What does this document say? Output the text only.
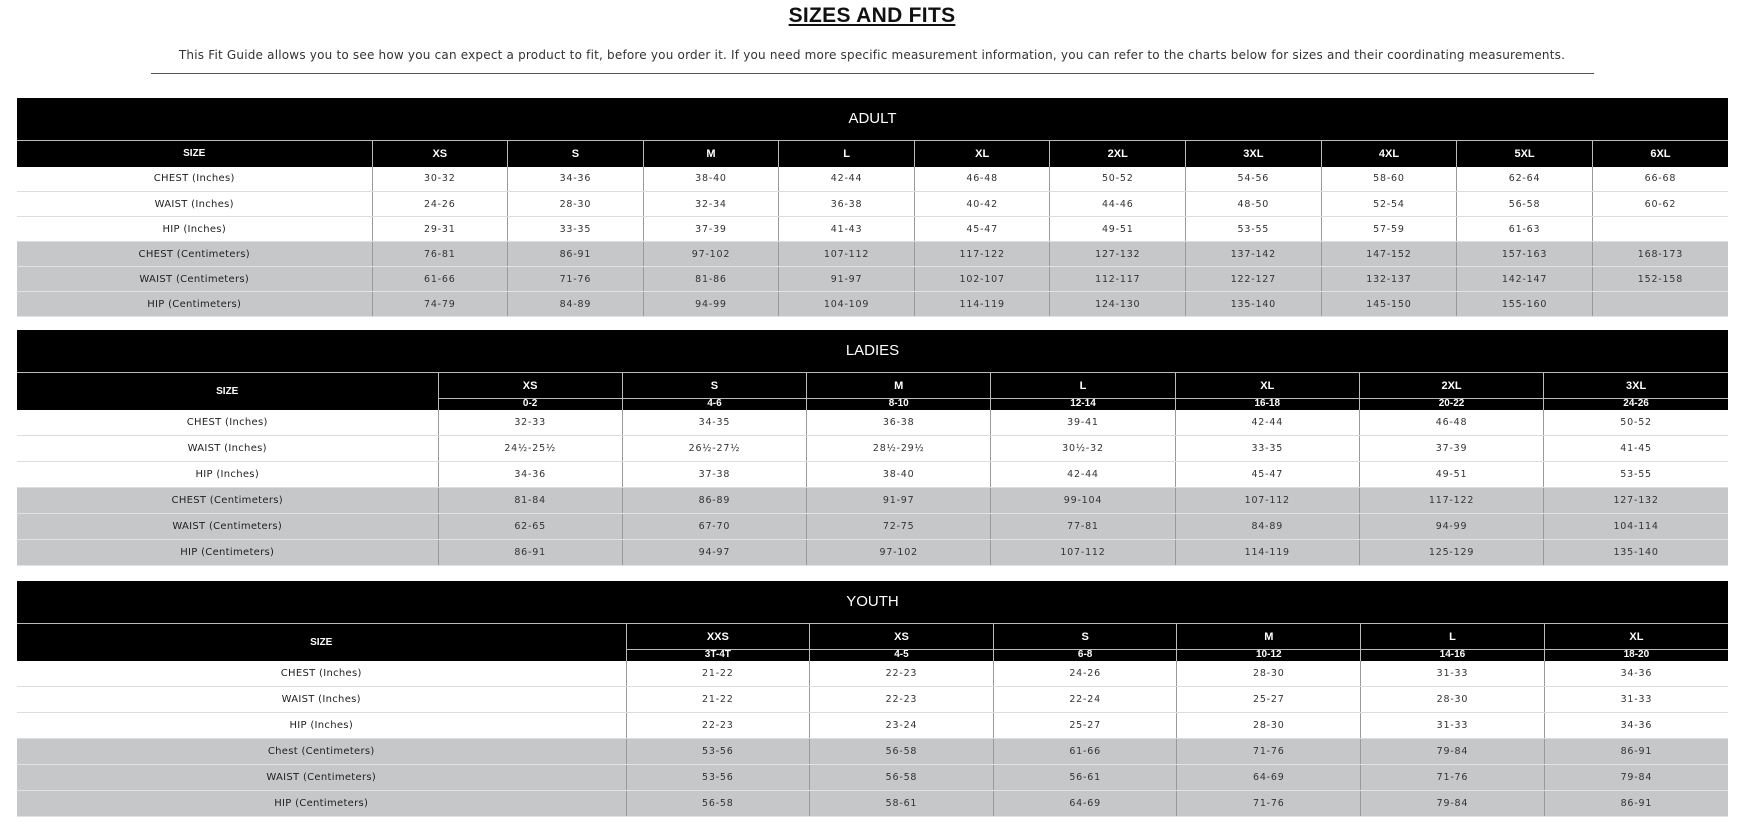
SIZES AND FITS
This Fit Guide allows you to see how you can expect a product to fit, before you order it. If you need more specific measurement information, you can refer to the charts below for sizes and their coordinating measurements.
ADULT
SIZE	XS	S	M	L	XL	2XL	3XL	4XL	5XL	6XL
CHEST (Inches)	30-32	34-36	38-40	42-44	46-48	50-52	54-56	58-60	62-64	66-68
WAIST (Inches)	24-26	28-30	32-34	36-38	40-42	44-46	48-50	52-54	56-58	60-62
HIP (Inches)	29-31	33-35	37-39	41-43	45-47	49-51	53-55	57-59	61-63	
CHEST (Centimeters)	76-81	86-91	97-102	107-112	117-122	127-132	137-142	147-152	157-163	168-173
WAIST (Centimeters)	61-66	71-76	81-86	91-97	102-107	112-117	122-127	132-137	142-147	152-158
HIP (Centimeters)	74-79	84-89	94-99	104-109	114-119	124-130	135-140	145-150	155-160	
LADIES
SIZE	XS	S	M	L	XL	2XL	3XL
	0-2	4-6	8-10	12-14	16-18	20-22	24-26
CHEST (Inches)	32-33	34-35	36-38	39-41	42-44	46-48	50-52
WAIST (Inches)	24½-25½	26½-27½	28½-29½	30½-32	33-35	37-39	41-45
HIP (Inches)	34-36	37-38	38-40	42-44	45-47	49-51	53-55
CHEST (Centimeters)	81-84	86-89	91-97	99-104	107-112	117-122	127-132
WAIST (Centimeters)	62-65	67-70	72-75	77-81	84-89	94-99	104-114
HIP (Centimeters)	86-91	94-97	97-102	107-112	114-119	125-129	135-140
YOUTH
SIZE	XXS	XS	S	M	L	XL
	3T-4T	4-5	6-8	10-12	14-16	18-20
CHEST (Inches)	21-22	22-23	24-26	28-30	31-33	34-36
WAIST (Inches)	21-22	22-23	22-24	25-27	28-30	31-33
HIP (Inches)	22-23	23-24	25-27	28-30	31-33	34-36
Chest (Centimeters)	53-56	56-58	61-66	71-76	79-84	86-91
WAIST (Centimeters)	53-56	56-58	56-61	64-69	71-76	79-84
HIP (Centimeters)	56-58	58-61	64-69	71-76	79-84	86-91
